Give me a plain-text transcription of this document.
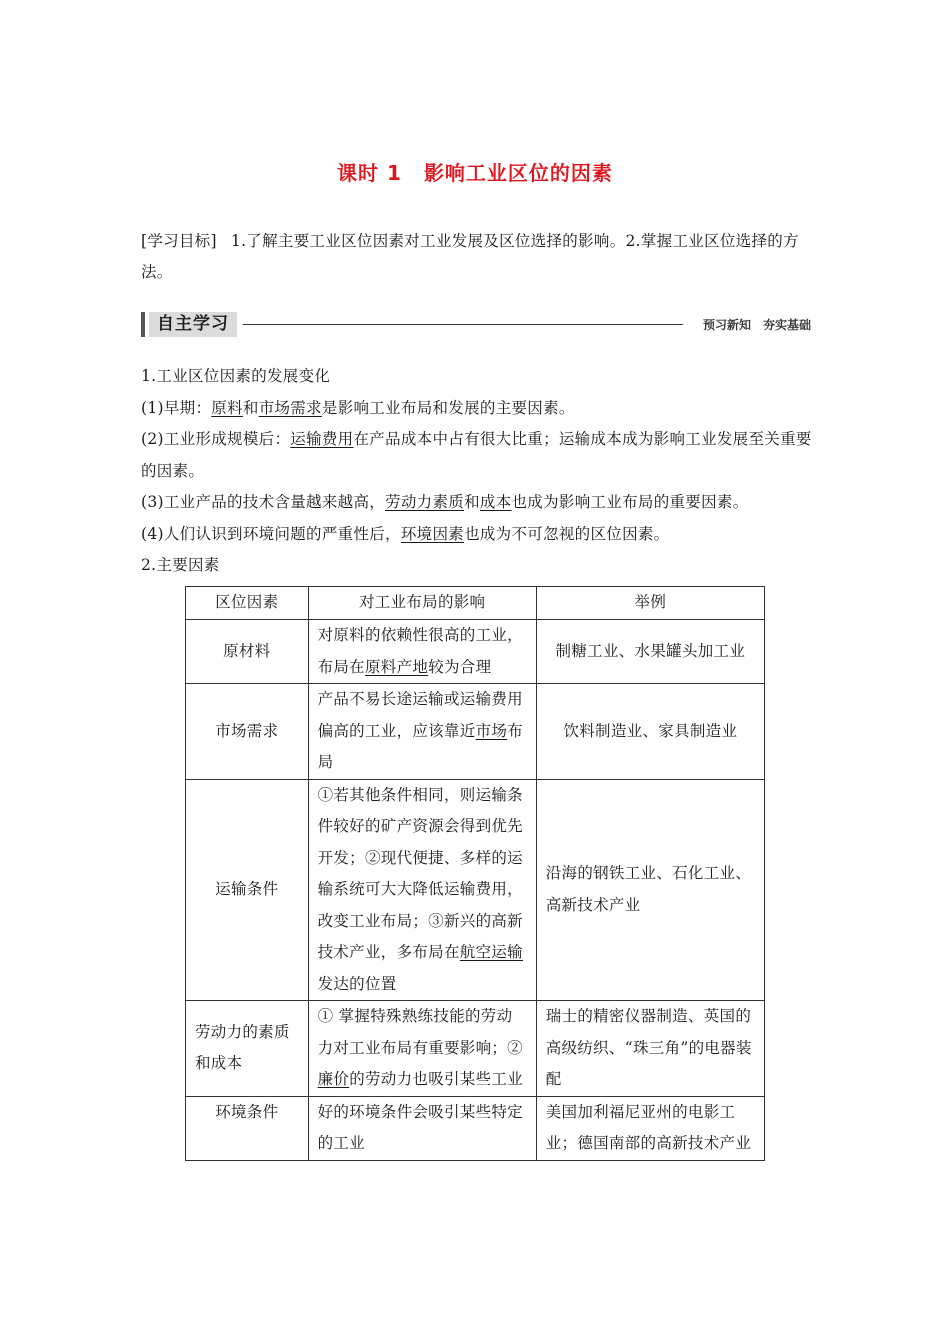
课时 1 影响工业区位的因素
[学习目标] 1.了解主要工业区位因素对工业发展及区位选择的影响。2.掌握工业区位选择的方法。
自主学习	预习新知　夯实基础

1.工业区位因素的发展变化

(1)早期：原料和市场需求是影响工业布局和发展的主要因素。

(2)工业形成规模后：运输费用在产品成本中占有很大比重；运输成本成为影响工业发展至关重要的因素。

(3)工业产品的技术含量越来越高，劳动力素质和成本也成为影响工业布局的重要因素。

(4)人们认识到环境问题的严重性后，环境因素也成为不可忽视的区位因素。

2.主要因素

区位因素	对工业布局的影响	举例
原材料	对原料的依赖性很高的工业，布局在原料产地较为合理	制糖工业、水果罐头加工业
市场需求	产品不易长途运输或运输费用偏高的工业，应该靠近市场布局	饮料制造业、家具制造业
运输条件	①若其他条件相同，则运输条件较好的矿产资源会得到优先开发；②现代便捷、多样的运输系统可大大降低运输费用，改变工业布局；③新兴的高新技术产业，多布局在航空运输发达的位置	沿海的钢铁工业、石化工业、高新技术产业
劳动力的素质和成本	① 掌握特殊熟练技能的劳动力对工业布局有重要影响；② 廉价的劳动力也吸引某些工业	瑞士的精密仪器制造、英国的高级纺织、“珠三角”的电器装配
环境条件	好的环境条件会吸引某些特定的工业	美国加利福尼亚州的电影工业；德国南部的高新技术产业
